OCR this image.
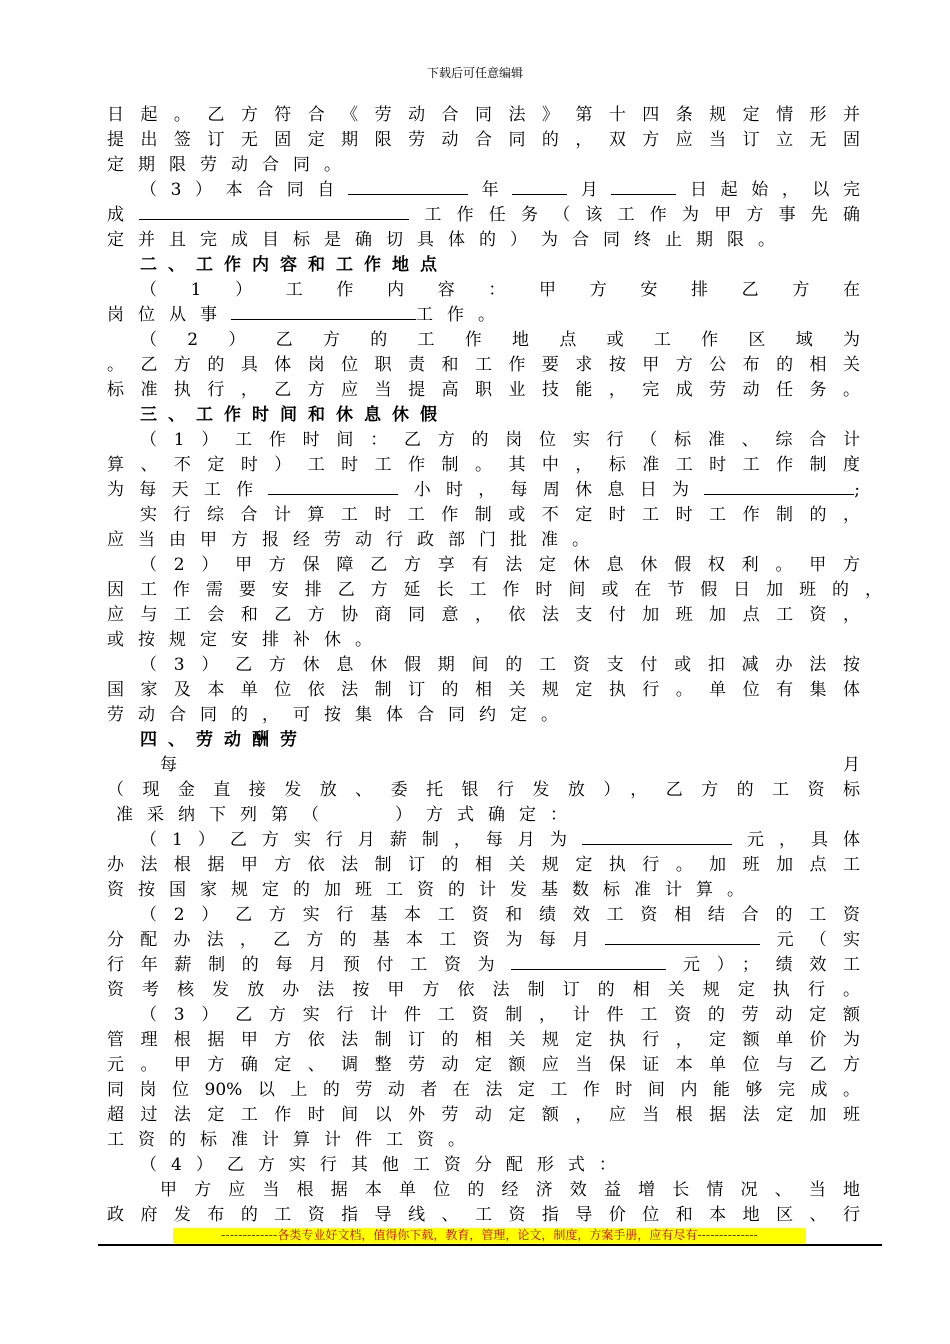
下载后可任意编辑
日起。乙方符合《劳动合同法》第十四条规定情形并
提出签订无固定期限劳动合同的，双方应当订立无固
定期限劳动合同。
（3）本合同自	年	月	日起始，以完
成	工作任务（该工作为甲方事先确
定并且完成目标是确切具体的）为合同终止期限。
二、工作内容和工作地点
（1）工作内容：甲方安排乙方在
岗位从事	工作。
（2）乙方的工作地点或工作区域为
。乙方的具体岗位职责和工作要求按甲方公布的相关
标准执行，乙方应当提高职业技能，完成劳动任务。
三、工作时间和休息休假
（1）工作时间：乙方的岗位实行（标准、综合计
算、不定时）工时工作制。其中，标准工时工作制度
为每天工作	小时，每周休息日为	;
实行综合计算工时工作制或不定时工时工作制的，
应当由甲方报经劳动行政部门批准。
（2）甲方保障乙方享有法定休息休假权利。甲方
因工作需要安排乙方延长工作时间或在节假日加班的，
应与工会和乙方协商同意，依法支付加班加点工资，
或按规定安排补休。
（3）乙方休息休假期间的工资支付或扣减办法按
国家及本单位依法制订的相关规定执行。单位有集体
劳动合同的，可按集体合同约定。
四、劳动酬劳
每月
（现金直接发放、委托银行发放），乙方的工资标
准采纳下列第（　　）方式确定：
（1）乙方实行月薪制，每月为	元，具体
办法根据甲方依法制订的相关规定执行。加班加点工
资按国家规定的加班工资的计发基数标准计算。
（2）乙方实行基本工资和绩效工资相结合的工资
分配办法，乙方的基本工资为每月	元（实
行年薪制的每月预付工资为	元）；绩效工
资考核发放办法按甲方依法制订的相关规定执行。
（3）乙方实行计件工资制，计件工资的劳动定额
管理根据甲方依法制订的相关规定执行，定额单价为
元。甲方确定、调整劳动定额应当保证本单位与乙方
同岗位90%以上的劳动者在法定工作时间内能够完成。
超过法定工作时间以外劳动定额，应当根据法定加班
工资的标准计算计件工资。
（4）乙方实行其他工资分配形式：
甲方应当根据本单位的经济效益增长情况、当地
政府发布的工资指导线、工资指导价位和本地区、行
-------------各类专业好文档，值得你下载，教育，管理，论文，制度，方案手册，应有尽有--------------
